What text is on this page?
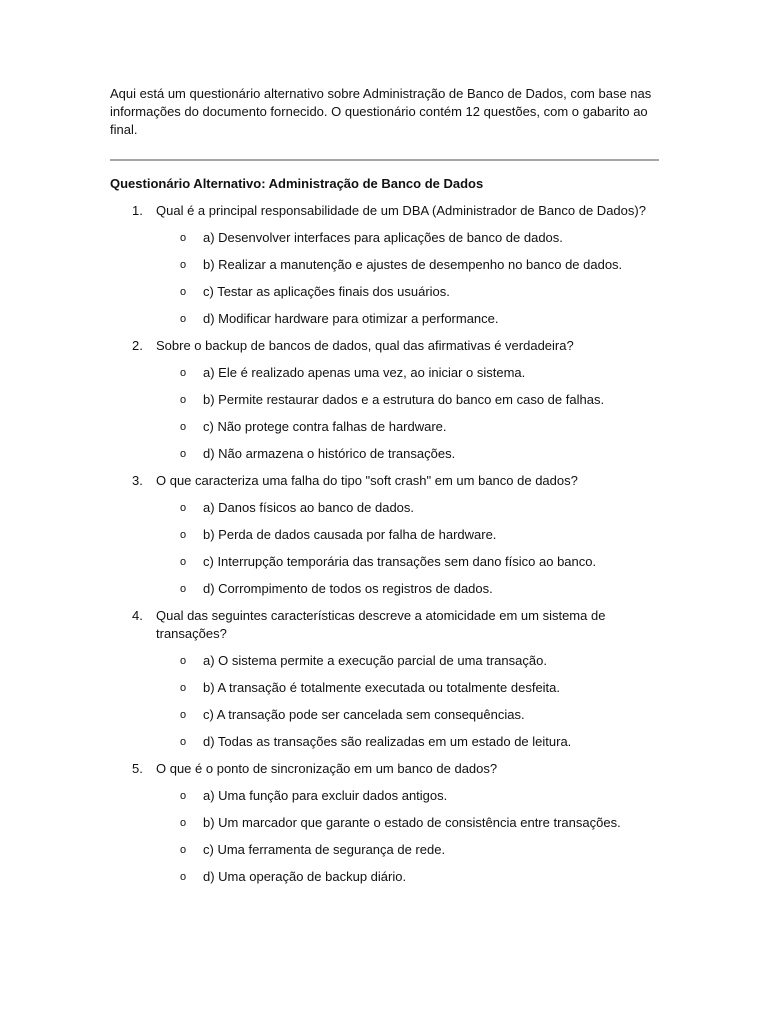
Aqui está um questionário alternativo sobre Administração de Banco de Dados, com base nas informações do documento fornecido. O questionário contém 12 questões, com o gabarito ao final.

Questionário Alternativo: Administração de Banco de Dados
1.	Qual é a principal responsabilidade de um DBA (Administrador de Banco de Dados)?
o a) Desenvolver interfaces para aplicações de banco de dados.
o b) Realizar a manutenção e ajustes de desempenho no banco de dados.
o c) Testar as aplicações finais dos usuários.
o d) Modificar hardware para otimizar a performance.
2.	Sobre o backup de bancos de dados, qual das afirmativas é verdadeira?
o a) Ele é realizado apenas uma vez, ao iniciar o sistema.
o b) Permite restaurar dados e a estrutura do banco em caso de falhas.
o c) Não protege contra falhas de hardware.
o d) Não armazena o histórico de transações.
3.	O que caracteriza uma falha do tipo "soft crash" em um banco de dados?
o a) Danos físicos ao banco de dados.
o b) Perda de dados causada por falha de hardware.
o c) Interrupção temporária das transações sem dano físico ao banco.
o d) Corrompimento de todos os registros de dados.
4.	Qual das seguintes características descreve a atomicidade em um sistema de transações?
o a) O sistema permite a execução parcial de uma transação.
o b) A transação é totalmente executada ou totalmente desfeita.
o c) A transação pode ser cancelada sem consequências.
o d) Todas as transações são realizadas em um estado de leitura.
5.	O que é o ponto de sincronização em um banco de dados?
o a) Uma função para excluir dados antigos.
o b) Um marcador que garante o estado de consistência entre transações.
o c) Uma ferramenta de segurança de rede.
o d) Uma operação de backup diário.
